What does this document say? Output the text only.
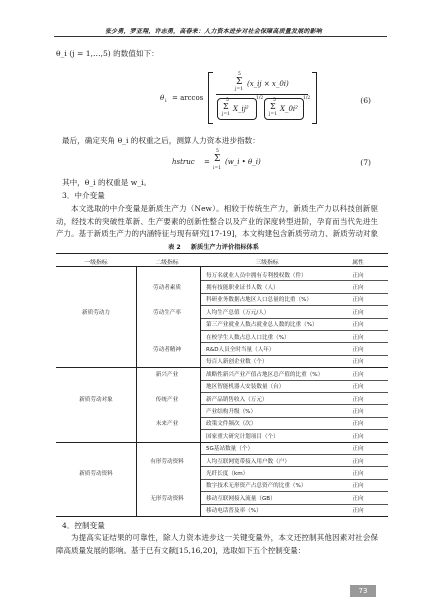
张少勇，罗亚翔，许志勇，高春来：人力资本进步对社会保障高质量发展的影响
θ_i (j = 1,…,5) 的数值如下：
θ i = arccos
5
Σ
j=1
(x_ij × x_0i)
5
Σ
j=1
X_ij²
1/2 5
Σ
j=1
X_0i²
1/2	(6)
最后，确定夹角 θ_i 的权重之后，测算人力资本进步指数：
hstruc =
5
Σ
i=1
(w_i • θ_i)	(7)
其中，θ_i 的权重是 w_i。
3．中介变量
本文选取的中介变量是新质生产力（New）。相较于传统生产力，新质生产力以科技创新驱动，经技术的突破性革新、生产要素的创新性整合以及产业的深度转型进阶，孕育而当代先进生产力。基于新质生产力的内涵特征与现有研究[17-19]，本文构建包含新质劳动力、新质劳动对象
表 2 新质生产力评价指标体系
一级指标	二级指标	三级指标	属性
每万名就业人员中拥有专利授权数（件）	正向
劳动者素质	拥有技能职业证书人数（人）	正向
科研业务数据占地区人口总量的比重（%）	正向
新质劳动力	劳动生产率	人均生产总值（万元/人）	正向
第三产业就业人数占就业总人数的比重（%）	正向
在校学生人数占总人口比重（%）	正向
劳动者精神	R&D人员全时当量（人年）	正向
每百人新创企业数（个）	正向
新兴产业	战略性新兴产业产值占地区总产值的比重（%）	正向
地区智能机器人安装数量（台）	正向
新质劳动对象	传统产业	新产品销售收入（万元）	正向
产业结构升级（%）	正向
未来产业	政策文件频次（次）	正向
国家重大研究计划项目（个）	正向
5G基站数量（个）	正向
有形劳动资料	人均互联网宽带接入用户数（户）	正向
新质劳动资料	光纤长度（km）	正向
数字技术无形资产占总资产的比重（%）	正向
无形劳动资料	移动互联网接入流量（GB）	正向
移动电话普及率（%）	正向
4．控制变量
为提高实证结果的可靠性，除人力资本进步这一关键变量外，本文还控制其他因素对社会保障高质量发展的影响。基于已有文献[15,16,20]，选取如下五个控制变量：
73
